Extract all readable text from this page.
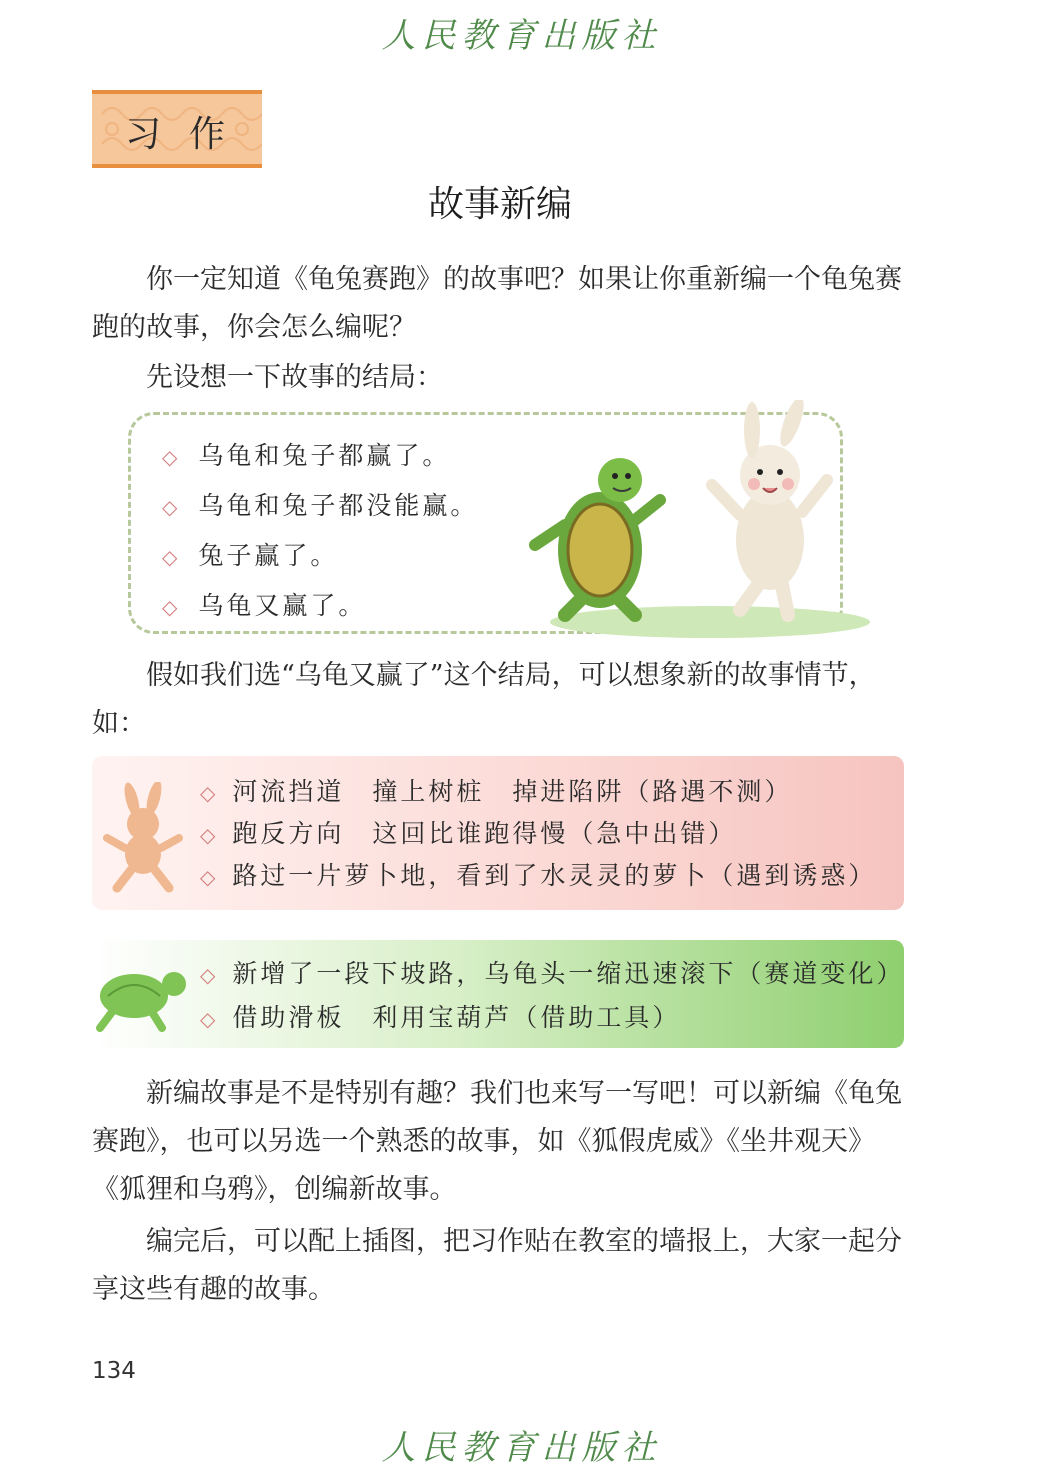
人民教育出版社
习作
故事新编

你一定知道《龟兔赛跑》的故事吧？如果让你重新编一个龟兔赛跑的故事，你会怎么编呢？

先设想一下故事的结局：

◇ 乌龟和兔子都赢了。
◇ 乌龟和兔子都没能赢。
◇ 兔子赢了。
◇ 乌龟又赢了。

假如我们选“乌龟又赢了”这个结局，可以想象新的故事情节，如：

◇ 河流挡道　撞上树桩　掉进陷阱（路遇不测）
◇ 跑反方向　这回比谁跑得慢（急中出错）
◇ 路过一片萝卜地，看到了水灵灵的萝卜（遇到诱惑）
◇ 新增了一段下坡路，乌龟头一缩迅速滚下（赛道变化）
◇ 借助滑板　利用宝葫芦（借助工具）

新编故事是不是特别有趣？我们也来写一写吧！可以新编《龟兔赛跑》，也可以另选一个熟悉的故事，如《狐假虎威》《坐井观天》《狐狸和乌鸦》，创编新故事。

编完后，可以配上插图，把习作贴在教室的墙报上，大家一起分享这些有趣的故事。

134
人民教育出版社
